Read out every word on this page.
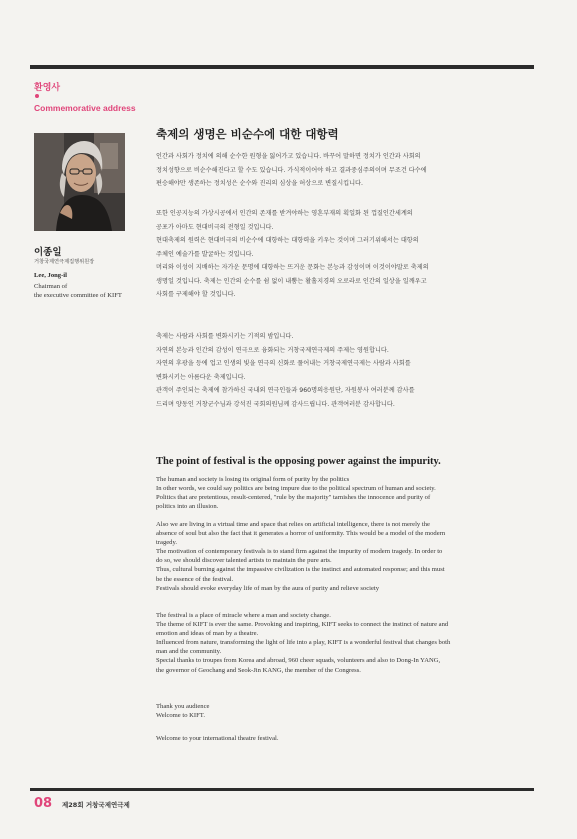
환영사
Commemorative address
이종일
거창국제연극제집행위원장
Lee, Jong-il
Chairman of
the executive committee of KIFT
축제의 생명은 비순수에 대한 대항력
인간과 사회가 정치에 의해 순수한 원형을 잃어가고 있습니다. 바꾸어 말하면 정치가 인간과 사회의
정치성향으로 비순수해진다고 할 수도 있습니다. 가식적이어야 하고 결과중심주의이며 무조건 다수에
편승해야만 생존하는 정치성은 순수와 진리의 심상을 허상으로 변질시킵니다.
또한 인공지능의 가상시공에서 인간의 존재를 받겨야하는 영혼부재의 획일화 된 껍질인간세계의
공포가 아마도 현대비극의 전형일 것입니다.
현대축제의 원력은 현대비극의 비순수에 대항하는 대항력을 키우는 것이며 그러기위해서는 대항의
주체인 예술가를 발굴하는 것입니다.
머리와 이성이 지배하는 자가운 문명에 대항하는 뜨거운 문화는 본능과 감성이며 이것이야말로 축제의
생명일 것입니다. 축제는 인간의 순수를 쉼 없이 내뿜는 활홀지경의 오로라로 인간의 일상을 일깨우고
사회를 구제해야 할 것입니다.
축제는 사람과 사회를 변화시키는 기적의 밤입니다.
자연의 본능과 인간의 감성이 연극으로 융화되는 거창국제연극제의 주제는 영원합니다.
자연의 후광을 등에 업고 인생의 빛을 연극의 신화로 풀어내는 거창국제연극제는 사람과 사회를
변화시키는 아름다운 축제입니다.
관객이 주인되는 축제에 참가하신 국내외 연극인들과 960명의응원단, 자원봉사 여러분께 감사를
드리며 양동인 거창군수님과 강석진 국회의원님께 감사드립니다. 관객여러분 감사합니다.
The point of festival is the opposing power against the impurity.
The human and society is losing its original form of purity by the politics
In other words, we could say politics are being impure due to the political spectrum of human and society.
Politics that are pretentious, result-centered, "rule by the majority" tarnishes the innocence and purity of
politics into an illusion.
Also we are living in a virtual time and space that relies on artificial intelligence, there is not merely the
absence of soul but also the fact that it generates a horror of uniformity. This would be a model of the modern
tragedy.
The motivation of contemporary festivals is to stand firm against the impurity of modern tragedy. In order to
do so, we should discover talented artists to maintain the pure arts.
Thus, cultural burning against the impassive civilization is the instinct and automated response; and this must
be the essence of the festival.
Festivals should evoke everyday life of man by the aura of purity and relieve society
The festival is a place of miracle where a man and society change.
The theme of KIFT is ever the same. Provoking and inspiring, KIFT seeks to connect the instinct of nature and
emotion and ideas of man by a theatre.
Influenced from nature, transforming the light of life into a play, KIFT is a wonderful festival that changes both
man and the community.
Special thanks to troupes from Korea and abroad, 960 cheer squads, volunteers and also to Dong-In YANG,
the governor of Geochang and Seok-Jin KANG, the member of the Congress.
Thank you audience
Welcome to KIFT.
Welcome to your international theatre festival.
08 제28회 거창국제연극제
